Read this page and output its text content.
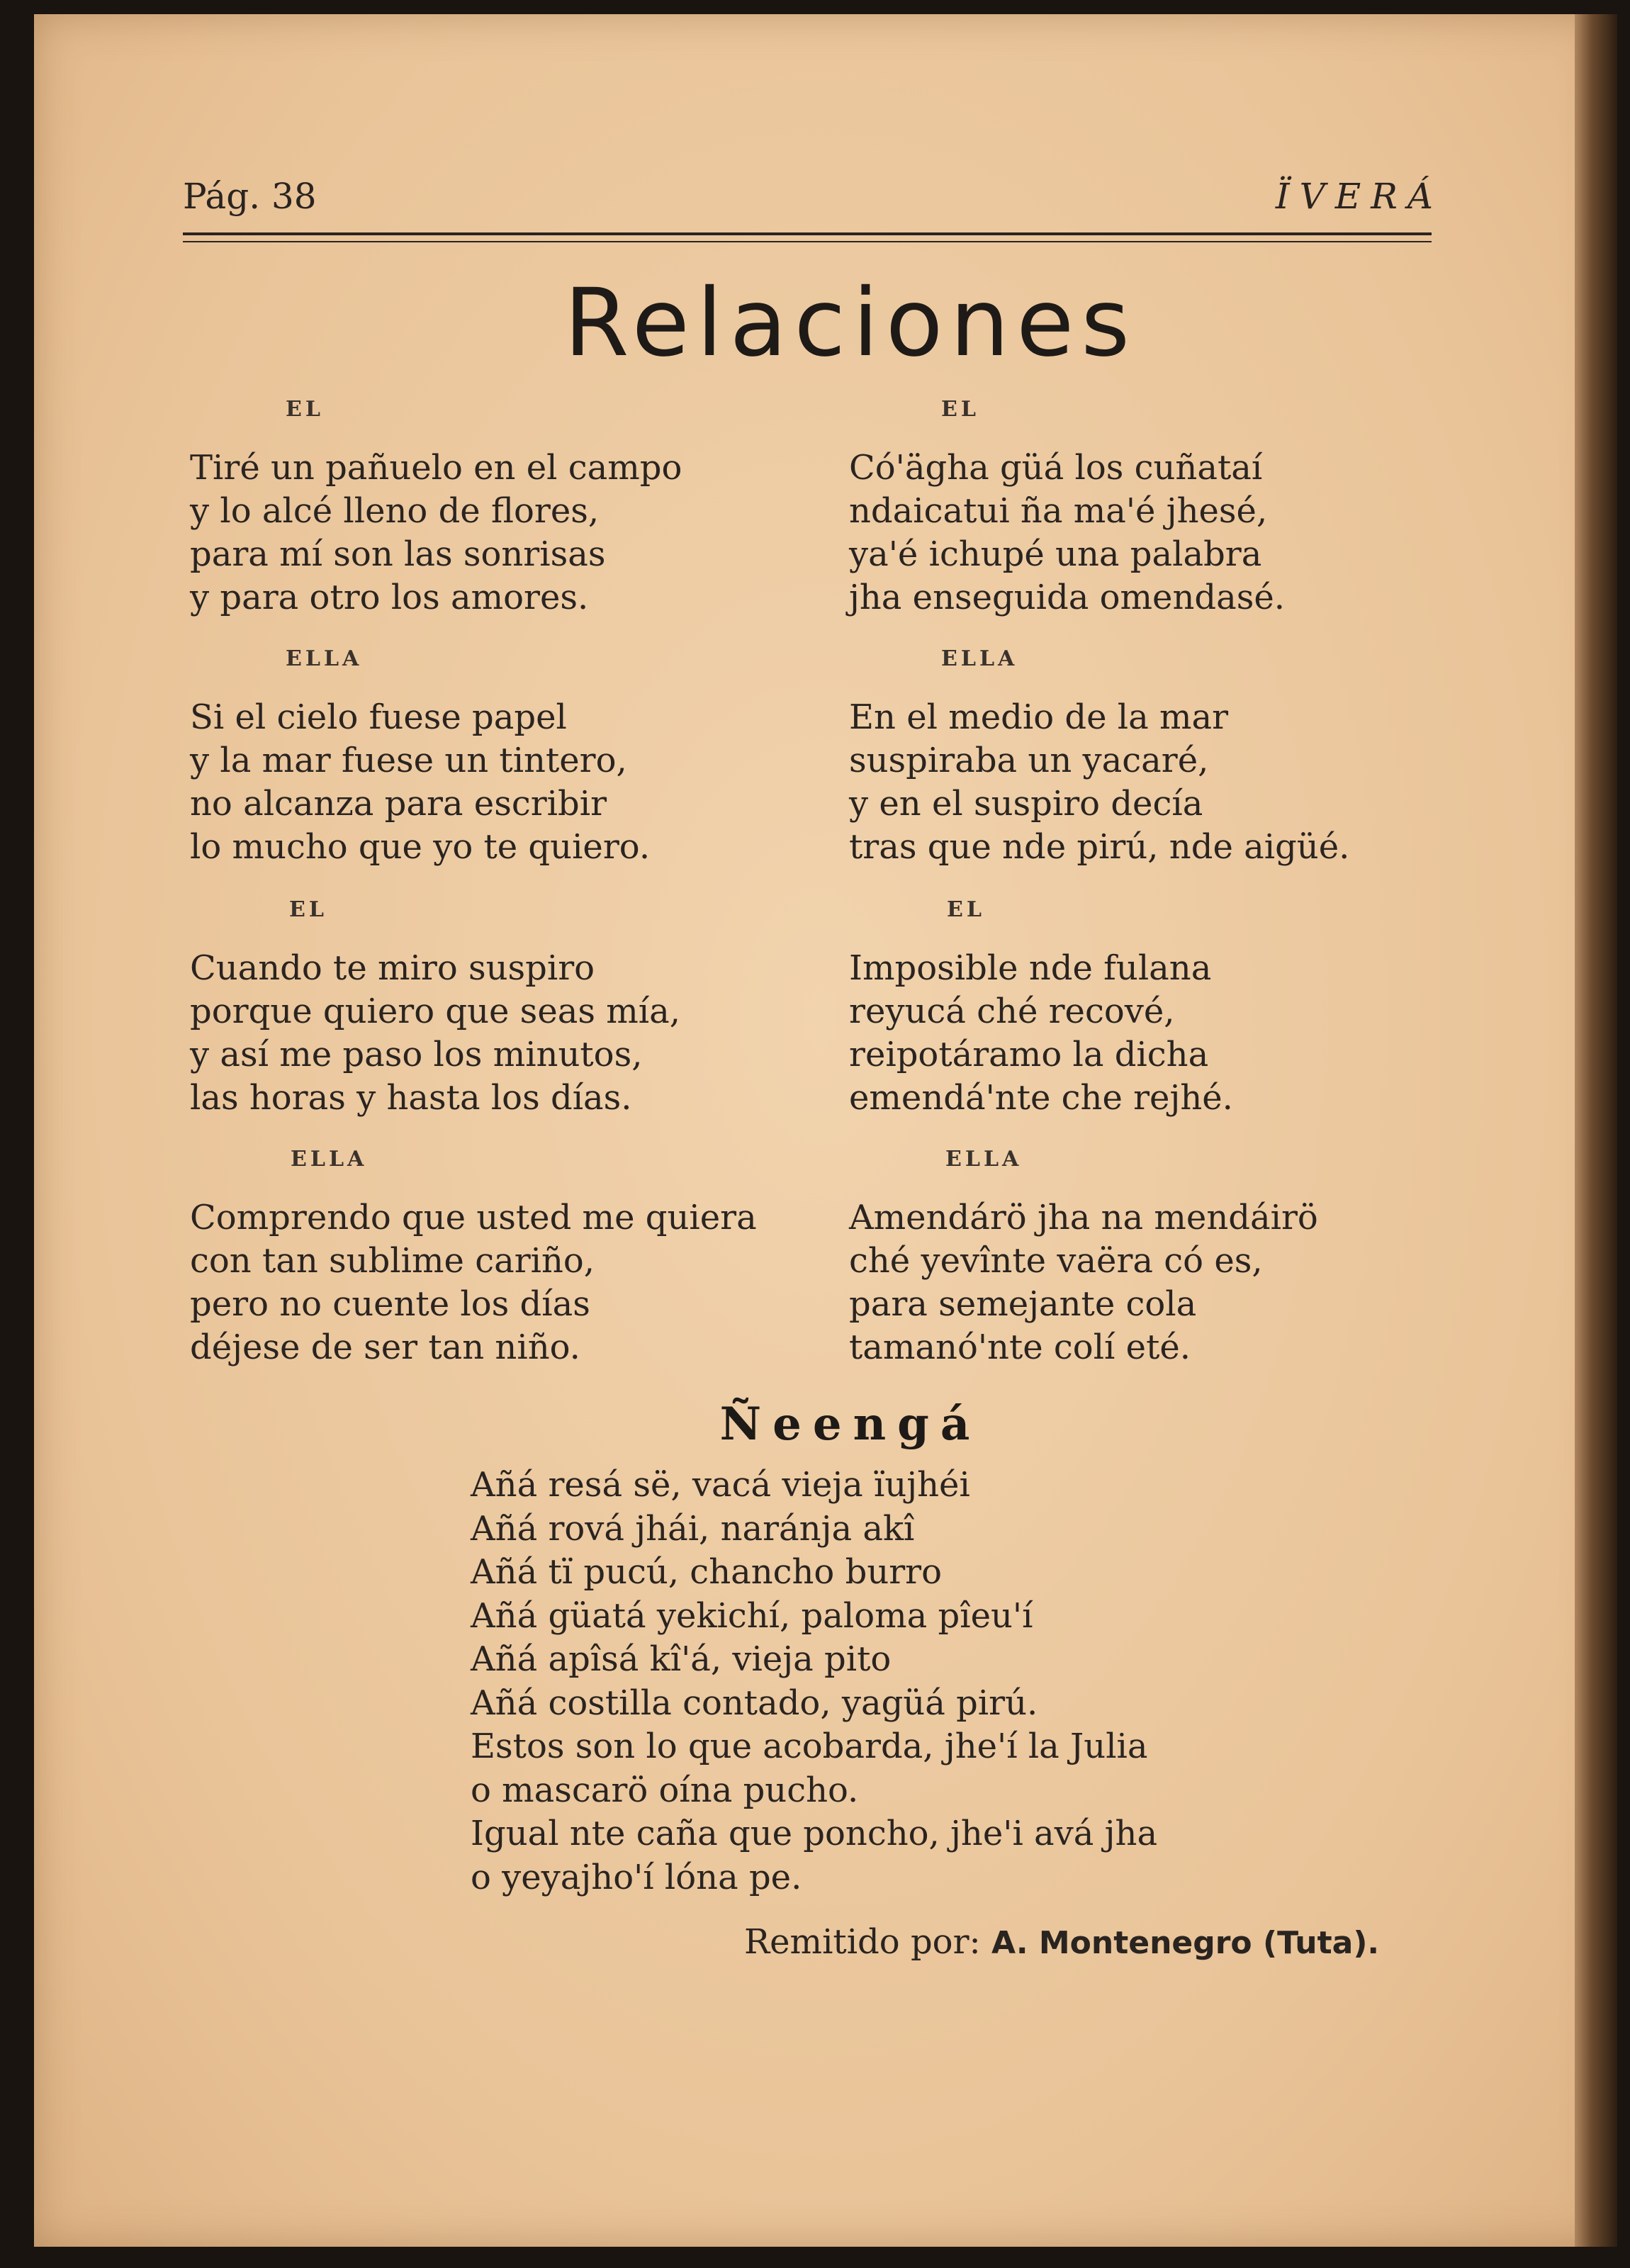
Pág. 38	ÏVERÁ
Relaciones
EL
Tiré un pañuelo en el campo
y lo alcé lleno de flores,
para mí son las sonrisas
y para otro los amores.
ELLA
Si el cielo fuese papel
y la mar fuese un tintero,
no alcanza para escribir
lo mucho que yo te quiero.
EL
Cuando te miro suspiro
porque quiero que seas mía,
y así me paso los minutos,
las horas y hasta los días.
ELLA
Comprendo que usted me quiera
con tan sublime cariño,
pero no cuente los días
déjese de ser tan niño.
EL
Có'ägha güá los cuñataí
ndaicatui ña ma'é jhesé,
ya'é ichupé una palabra
jha enseguida omendasé.
ELLA
En el medio de la mar
suspiraba un yacaré,
y en el suspiro decía
tras que nde pirú, nde aigüé.
EL
Imposible nde fulana
reyucá ché recové,
reipotáramo la dicha
emendá'nte che rejhé.
ELLA
Amendárö jha na mendáirö
ché yevînte vaëra có es,
para semejante cola
tamanó'nte colí eté.
Ñeengá
Añá resá së, vacá vieja ïujhéi
Añá rová jhái, naránja akî
Añá tï pucú, chancho burro
Añá güatá yekichí, paloma pîeu'í
Añá apîsá kî'á, vieja pito
Añá costilla contado, yagüá pirú.
Estos son lo que acobarda, jhe'í la Julia
o mascarö oína pucho.
Igual nte caña que poncho, jhe'i avá jha
o yeyajho'í lóna pe.
Remitido por: A. Montenegro (Tuta).
